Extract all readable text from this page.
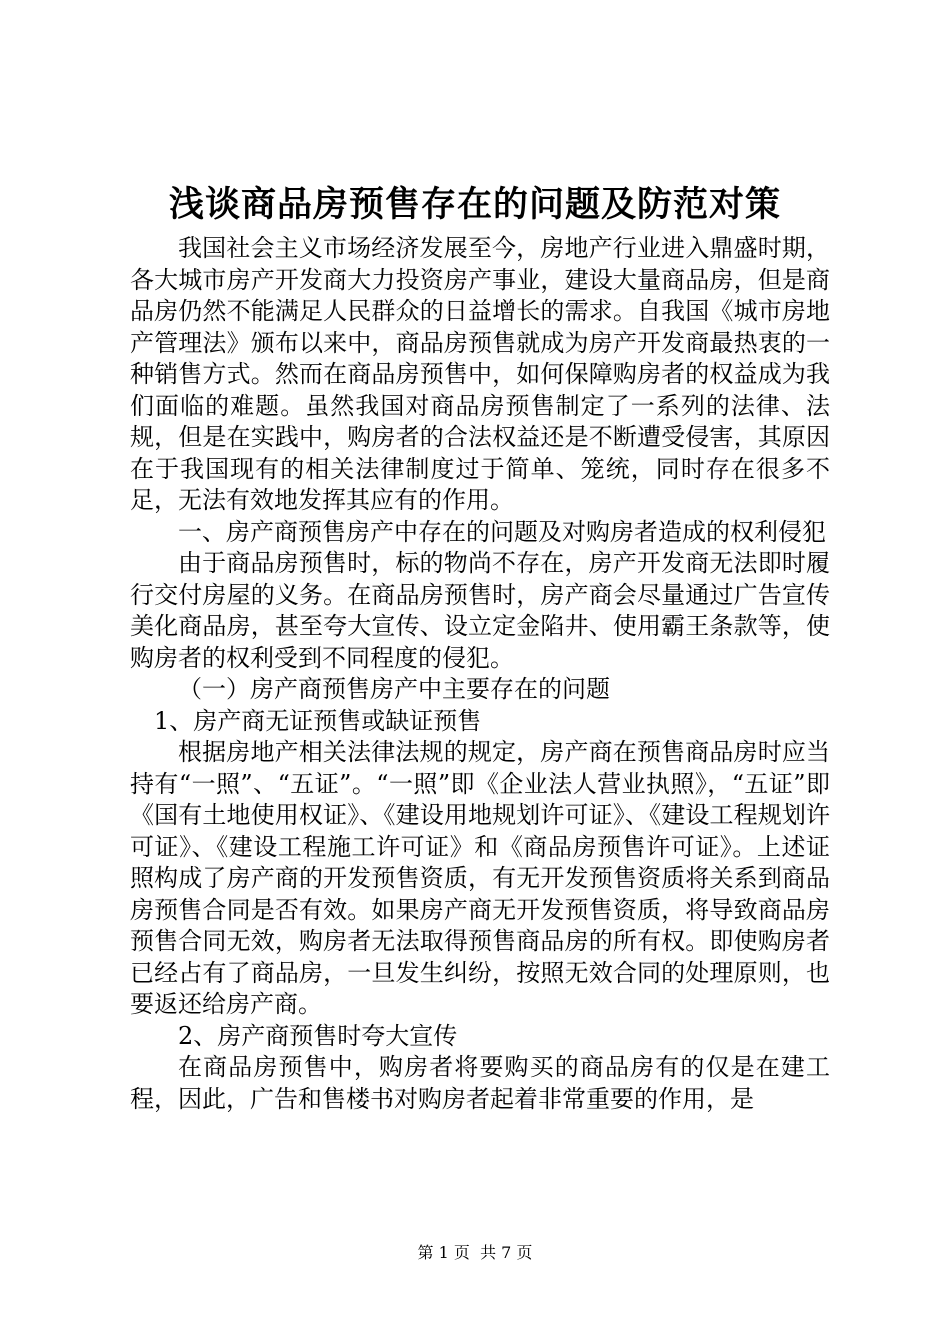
浅谈商品房预售存在的问题及防范对策

我国社会主义市场经济发展至今，房地产行业进入鼎盛时期，各大城市房产开发商大力投资房产事业，建设大量商品房，但是商品房仍然不能满足人民群众的日益增长的需求。自我国《城市房地产管理法》颁布以来中，商品房预售就成为房产开发商最热衷的一种销售方式。然而在商品房预售中，如何保障购房者的权益成为我们面临的难题。虽然我国对商品房预售制定了一系列的法律、法规，但是在实践中，购房者的合法权益还是不断遭受侵害，其原因在于我国现有的相关法律制度过于简单、笼统，同时存在很多不足，无法有效地发挥其应有的作用。

一、房产商预售房产中存在的问题及对购房者造成的权利侵犯

由于商品房预售时，标的物尚不存在，房产开发商无法即时履行交付房屋的义务。在商品房预售时，房产商会尽量通过广告宣传美化商品房，甚至夸大宣传、设立定金陷井、使用霸王条款等，使购房者的权利受到不同程度的侵犯。

（一）房产商预售房产中主要存在的问题

1、房产商无证预售或缺证预售

根据房地产相关法律法规的规定，房产商在预售商品房时应当持有“一照”、“五证”。“一照”即《企业法人营业执照》，“五证”即《国有土地使用权证》、《建设用地规划许可证》、《建设工程规划许可证》、《建设工程施工许可证》和《商品房预售许可证》。上述证照构成了房产商的开发预售资质，有无开发预售资质将关系到商品房预售合同是否有效。如果房产商无开发预售资质，将导致商品房预售合同无效，购房者无法取得预售商品房的所有权。即使购房者已经占有了商品房，一旦发生纠纷，按照无效合同的处理原则，也要返还给房产商。

2、房产商预售时夸大宣传

在商品房预售中，购房者将要购买的商品房有的仅是在建工程，因此，广告和售楼书对购房者起着非常重要的作用，是

第 1 页  共 7 页
